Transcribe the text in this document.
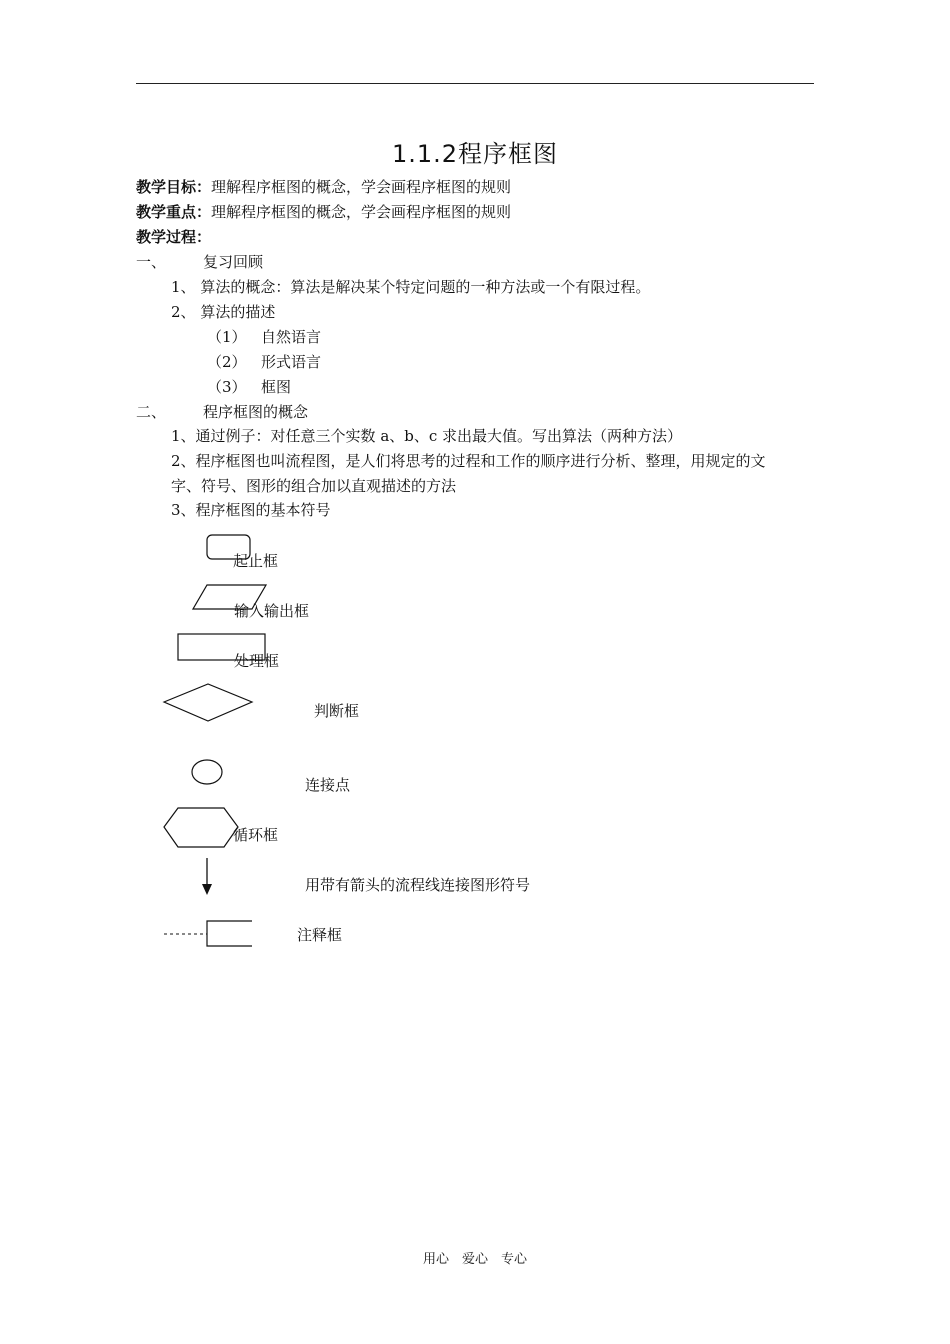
1.1.2程序框图
教学目标：理解程序框图的概念，学会画程序框图的规则
教学重点：理解程序框图的概念，学会画程序框图的规则
教学过程：
一、 复习回顾
1、 算法的概念：算法是解决某个特定问题的一种方法或一个有限过程。
2、 算法的描述
（1） 自然语言
（2） 形式语言
（3） 框图
二、 程序框图的概念
1、通过例子：对任意三个实数 a、b、c 求出最大值。写出算法（两种方法）
2、程序框图也叫流程图，是人们将思考的过程和工作的顺序进行分析、整理，用规定的文
字、符号、图形的组合加以直观描述的方法
3、程序框图的基本符号
起止框
输入输出框
处理框
判断框
连接点
循环框
用带有箭头的流程线连接图形符号
注释框
用心　爱心　专心
